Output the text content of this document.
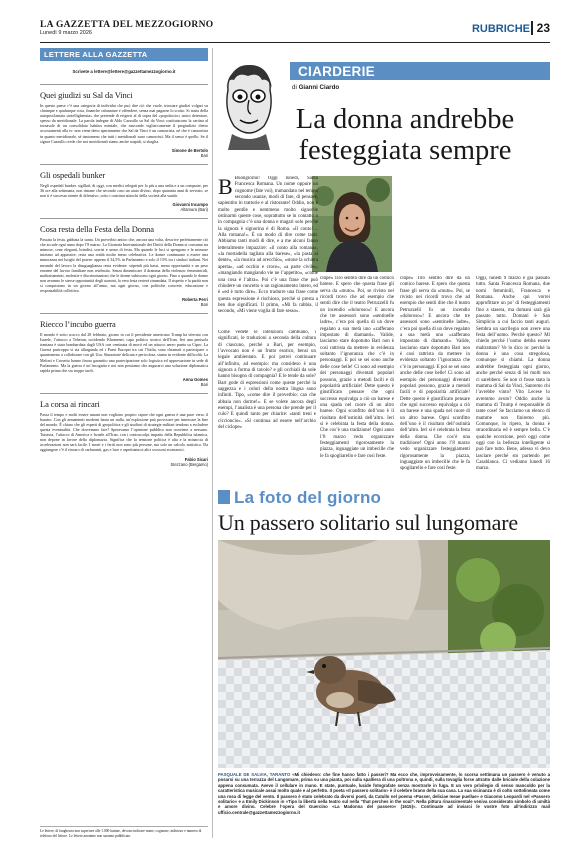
LA GAZZETTA DEL MEZZOGIORNO
Lunedì 9 marzo 2026	RUBRICHE 23
LETTERE ALLA GAZZETTA
Scrivete a lettere@lettere@gazzettamezzogiorno.it
Quei giudizi su Sal da Vinci

In questo paese c’è una categoria di individui che può dire ciò che vuole, trinciare giudizi volgari su chiunque e qualunque cosa, finanche calunniare e offendere, senza mai pagarne lo scotto. Si tratta della autoproclamata «intellighenzia» che pretende di erigersi al di sopra del «popolaccio» unico detentore, spesso da meridionale. La parola indegne di Aldo Cazzullo su Sal da Vinci costituiscono la cartina al tornasole di un consolidato habitus mentale, che nasconde vigliaccamente il pregiudizio dietro accostamenti alla tv: non viene detto apertamente che Sal da Vinci è un camorrista, né che è camorrista in quanto meridionale, sé tantomeno che tutti i meridionali sono camorristi. Ma il senso è quello. Se il signor Cazzullo crede che noi meridionali siamo anche stupidi, si sbaglia.

Simone de Bertolo
Bari
Gli ospedali bunker

Negli ospedali bunker, sigillati, di oggi, con medici relegati per lo più a una sedia e a un computer, per 36 ore alla settimana, non rimane che secondo caso un aiuto divino, dopo quaranta anni di servizio, se non ti è successo niente di difensivo, sotto i continui attacchi della società alla sanità.

Giovanni Incampo
Altamura (Bari)
Cosa resta della Festa della Donna

Passata la festa, gabbata la santa. Un proverbio antico che, ancora una volta, descrive perfettamente ciò che accade ogni anno dopo l’8 marzo. La Giornata Internazionale dei Diritti della Donna si consuma tra mimose, cene eleganti, brindisi, sorrisi e senso di festa. Ma quando le luci si spengono e le mimose iniziano ad appassire, resta una realtà molto meno celebrativa. Le donne continuano a essere una minoranza nei luoghi del potere: appena il 34,5% in Parlamento e solo il 15% tra i sindaci italiani. Nei meandri del lavoro la disuguaglianza resta evidente: stipendi più bassi, meno opportunità e un peso enorme del lavoro familiare non retribuito. Senza dimenticare il dramma della violenza: femminicidi, maltrattamenti, molestie e discriminazioni che le donne subiscono ogni giorno. Fino a quando le donne non avranno le stesse opportunità degli uomini, la vera festa resterà rimandata. Il rispetto e la parità non si conquistano in un giorno all’anno, ma ogni giorno, con politiche concrete, educazione e responsabilità collettiva.

Roberta Perri
Bari
Riecco l’incubo guerra

Il mondo è sotto scacco dal 28 febbraio, giorno in cui il presidente americano Trump ha sferrato con Israele, l’attacco a Teheran, uccidendo Khamenei, capo politico storico dell’Iran. Ieri una penisola iraniana è stata bombardata dagli USA con centinaia di morti ed un attacco aereo punta su Cipro. La Guerra purtroppo si sta allargando ed i Paesi Europei tra cui l’Italia, sono chiamati a partecipare o quantomeno a collaborare con gli Usa. Situazione delicata e pericolosa, siamo in evidente difficoltà. La Meloni e Crosetto hanno finora garantito una partecipazione solo logistica ed approvazione in sede di Parlamento. Ma la guerra è un’incognita e noi non possiamo che augurarci una soluzione diplomatica rapida prima che sia troppo tardi.

Anna Gomes
Bari
La corsa ai rincari

Passa il tempo e molti essere umani non vogliono proprio capire che ogni guerra è una pace verso il baratro. Con gli armamenti moderni basta un nulla, un’esplosione può provocare per innescare la fine del mondo. È chiaro che gli esperti di geopolitica e gli studiosi di strategie militari tendono a escludere questa eventualità. Che dovremmo fare? Speravamo l’opinione pubblica non conviene a nessuno. Tuttavia, l’attacco di America e Israele all’Iran, con i contraccolpi impatto della Repubblica islamica, non depone in favore della diplomazia. Significa che la tensione politica è alta e la minaccia di accelerazioni non sarà facile. I morti e i feriti non sono più persone, ma solo un calcolo statistico. Da aggiungere c’è il rincaro di carburanti, gas e luce e aspettiamoci altri scossoni economici.

Fabio Sicari
Stezzano (Bergamo)
Le lettere, di lunghezza non superiore alle 1.000 battute, devono indicare nome, cognome, indirizzo e numero di telefono del lettore. Le lettere anonime non saranno pubblicate.
CIARDERIE
di Gianni Ciardo
La donna andrebbe festeggiata sempre
B Buongiorno! Oggi lunedì, Santa Francesca Romana. Un nome oppure un cognome (fate voi), tramandato nel tempo secondo usanze, modi di fare, di pensare, sapientito in trattorie e al ristorante! Oddio, non è molto gentile e nemmeno molto signorile ostinarmi queste cose, soprattutto se in contatto o in compagnia c’è una donna e magari solo perché la signora è signorina è di Roma. «Il conto!… Alla romana!». È un modo di dire come tanti. Abbiamo tanti modi di dire, e a me alcuni fanno letteralmente impazzire: «il conto alla romana», «la mortadella tagliata alla barese», «la pasta al dente», «la musica ad orecchio», «stone la schiera aperta», «ad occhio e croce», «a parte civile», «mangiando mangiando vie ne l’appetito», «come una cosa è l’altra». Poi c’è una frase che può chiudere un concetto o un ragionamento intero, ed è «ed è tutto dire». Ecco tradurre una frase come questa espressione è rischioso, perché si presta a ben due significati. Il primo, «Mi fa rabbia, il secondo, «Mi viene voglia di fare sesso».
Come vedete le intenzioni cambiano, i significati, le traduzioni a seconda della cultura di ciascuno, perché a Bari, per esempio, l’avvocato non è un frutto esotico, bensì un legale ambientato. E poi potrei continuare all’infinito, ad esempio: ma consideso è una signora a forma di tavolo? e gli occhiali da sole hanno bisogno di compagnia? E le tende da sole? Bart gode di espressioni come queste perché la saggezza e i colori della nostra lingua sono infiniti. Tipo, «come dire il proverbio: can che abbaia non dorme!». E se volete ancora degli esempi, l’analista è una persona che prende per il culo? E quindi tanto per chiarire: «tanti treni e ciccioncio». «Si continua ad essere nell’archio del ciclope»
clope» Tiro sentito dire da un comico barese. E spero che questa frase gli serva da «muto». Poi, se rivisto nei ricordi trovo che ad esempio che sentii dire che il teatro Petruzzelli fu un incendio «doloroso»! E ancora che tre assessori sono «sentinelle ladre», c’era poi quella di un dove regalato a sua metà uno «zafferano impostato di diamanti». Valide, lasciamo stare dopotutto Bari non è così rattrista da mettere in evidenza soltanto l’ignoranza che c’è in personaggi. E poi se sei sono anche delle cose belle! Ci sono ad esempio dei personaggi diventati popolari possono, grazie a metodi facili e di popolarità artificiale! Dette questo è giustificato pensare che ogni successo equivalga a ciò un barese e una spada nel cuore di un altro barese. Ogni sconfitto dell’uno è il risultato dell’ostinità dell’altro. Ieri si è celebrata la festa della donna. Che cos’è una tradizione! Ogni anno l’8 marzo vedo organizzare festeggiamenti rigorosamente la piazza, inguaggiate un imbecille che le fa spogliarello e fare così feste.
clope» Tiro sentito dire da un comico barese. E spero che questa frase gli serva da «muto». Poi, se rivisto nei ricordi trovo che ad esempio che sentii dire che il teatro Petruzzelli fu un incendio «doloroso»! E ancora che tre assessori sono «sentinelle ladre», c’era poi quella di un dove regalato a sua metà uno «zafferano impostato di diamanti». Valide, lasciamo stare dopotutto Bari non è così rattrista da mettere in evidenza soltanto l’ignoranza che c’è in personaggi. E poi se sei sono anche delle cose belle! Ci sono ad esempio dei personaggi diventati popolari possono, grazie a metodi facili e di popolarità artificiale! Dette questo è giustificato pensare che ogni successo equivalga a ciò un barese e una spada nel cuore di un altro barese. Ogni sconfitto dell’uno è il risultato dell’ostinità dell’altro. Ieri si è celebrata la festa della donna. Che cos’è una tradizione! Ogni anno l’8 marzo vedo organizzare festeggiamenti rigorosamente la piazza, inguaggiate un imbecille che le fa spogliarello e fare così feste.
Oggi, lunedì 9 marzo è già passato tutto. Santa Francesca Romana, due nomi femminili, Francesca e Romana. Anche qui vorrei approfittare un po’ di festeggiamenti fino a stasera, ma domani sarà già passato tutto. Domani è San Simplicio a cui faccio tanti auguri. Sembra un sacrilegio non avere una festa dell’uomo. Perché questo? Mi chiedo perché l’uomo debba essere maltrattato? Ve lo dico io: perché la donna è una cosa stregolosa, comunque si chiami. La donna andrebbe festeggiata ogni giorno, anche perché senza di lei molti non ci sarebbero. Se non ci fosse stata la mamma di Sal da Vinci, Sanremo chi l’avrebbe vinto? Vito Lecese lo avremmo avuto? Oddio anche la mamma di Trump è responsabile di tante cose! Se facciamo un elenco di mamme non finiremo più. Comunque, lo ripeto, la donna è straordinaria ed è sempre bella. C’è qualche eccezione, però oggi come oggi con la bellezza intelligente si può fare tutto. Bene, adesso vi devo lasciare perché sto partendo per Casablanca. Ci vediamo lunedì 16 marzo.
La foto del giorno
Un passero solitario sul lungomare
PASQUALE DE SALVIA, TARANTO «Mi chiedevo: che fine hanno fatto i passeri? Ma ecco che, improvvisamente, lo scorsa settimana un passero è venuto a posarsi su una terrazza del Lungomare, prima su una pianta, poi sulla spalliera di una poltrona e, quindi, sulla tovaglia forse attratto dalle briciole della colazione appena consumata. Avevo il cellulare in mano. E state, puntuale, lucide fotografate senza mostrarle in fuga. E un vero privilegio di senso mancoldo per la caratteristica musicale assai molto quale e al perfetto. Il poeta «Il passero solitario» è il celebre brano della sua casa. La sua vicinanza è di colto sottolineata come una rosa di legge del vento. Il passero è stato celebrato da diversi poeti, da Catullo nel poema «Passer, deliciae meae puellae» e Giacomo Leopardi nel «Passero solitario» e a Emily Dickinson in «Tipo la libertà nella teatro sul nella “that perches in the soul”. Nella pittura rinascimentale veniva considerato simbolo di umiltà e amore divino. Celebre l’opera del Guercino «La Madonna del passero» (1615)». Continuate ad inviarci le vostre foto all’indirizzo mail ufficio.centrale@gazzettamezzogiorno.it
